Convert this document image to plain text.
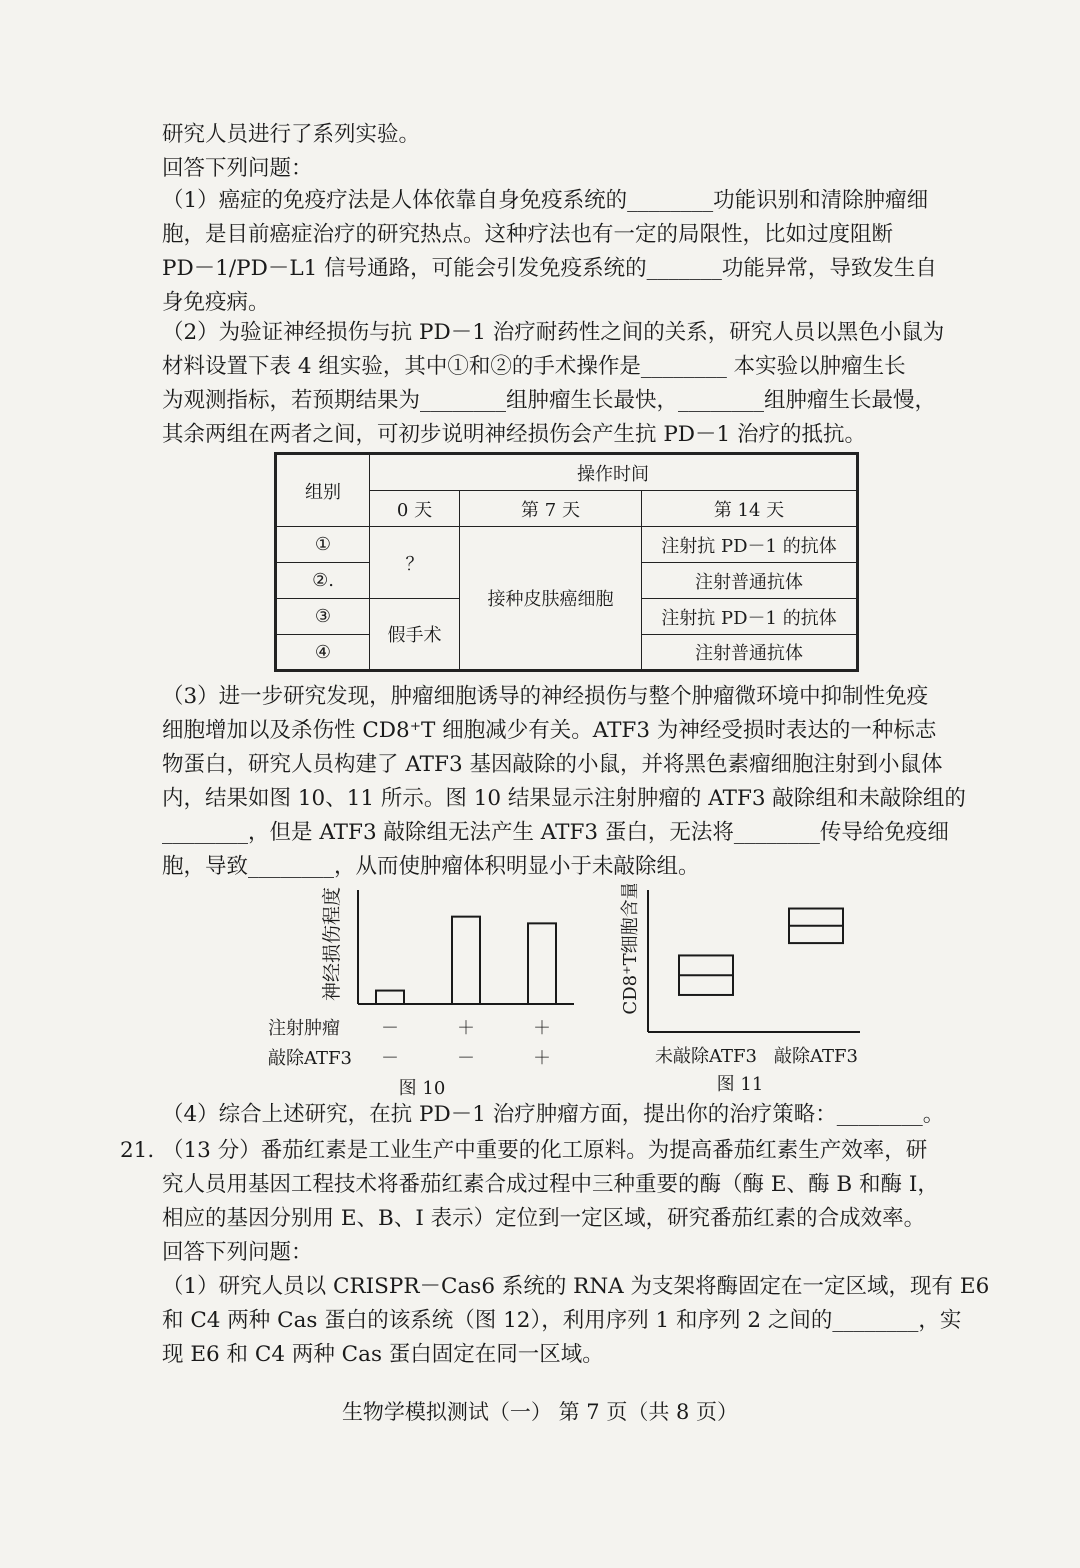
研究人员进行了系列实验。
回答下列问题：
（1）癌症的免疫疗法是人体依靠自身免疫系统的________功能识别和清除肿瘤细
胞，是目前癌症治疗的研究热点。这种疗法也有一定的局限性，比如过度阻断
PD－1/PD－L1 信号通路，可能会引发免疫系统的_______功能异常，导致发生自
身免疫病。
（2）为验证神经损伤与抗 PD－1 治疗耐药性之间的关系，研究人员以黑色小鼠为
材料设置下表 4 组实验，其中①和②的手术操作是________ 本实验以肿瘤生长
为观测指标，若预期结果为________组肿瘤生长最快，________组肿瘤生长最慢，
其余两组在两者之间，可初步说明神经损伤会产生抗 PD－1 治疗的抵抗。
组别	操作时间		
	0 天	第 7 天	第 14 天
①	？	接种皮肤癌细胞	注射抗 PD－1 的抗体
②.			注射普通抗体
③	假手术		注射抗 PD－1 的抗体
④			注射普通抗体
（3）进一步研究发现，肿瘤细胞诱导的神经损伤与整个肿瘤微环境中抑制性免疫
细胞增加以及杀伤性 CD8⁺T 细胞减少有关。ATF3 为神经受损时表达的一种标志
物蛋白，研究人员构建了 ATF3 基因敲除的小鼠，并将黑色素瘤细胞注射到小鼠体
内，结果如图 10、11 所示。图 10 结果显示注射肿瘤的 ATF3 敲除组和未敲除组的
________，但是 ATF3 敲除组无法产生 ATF3 蛋白，无法将________传导给免疫细
胞，导致________，从而使肿瘤体积明显小于未敲除组。
神经损伤程度
注射肿瘤
敲除ATF3
－
－
＋
－
＋
＋
图 10
CD8⁺T细胞含量
未敲除ATF3 敲除ATF3
图 11
（4）综合上述研究，在抗 PD－1 治疗肿瘤方面，提出你的治疗策略：________。
21. （13 分）番茄红素是工业生产中重要的化工原料。为提高番茄红素生产效率，研
究人员用基因工程技术将番茄红素合成过程中三种重要的酶（酶 E、酶 B 和酶 I，
相应的基因分别用 E、B、I 表示）定位到一定区域，研究番茄红素的合成效率。
回答下列问题：
（1）研究人员以 CRISPR－Cas6 系统的 RNA 为支架将酶固定在一定区域，现有 E6
和 C4 两种 Cas 蛋白的该系统（图 12），利用序列 1 和序列 2 之间的________，实
现 E6 和 C4 两种 Cas 蛋白固定在同一区域。
生物学模拟测试（一） 第 7 页（共 8 页）
